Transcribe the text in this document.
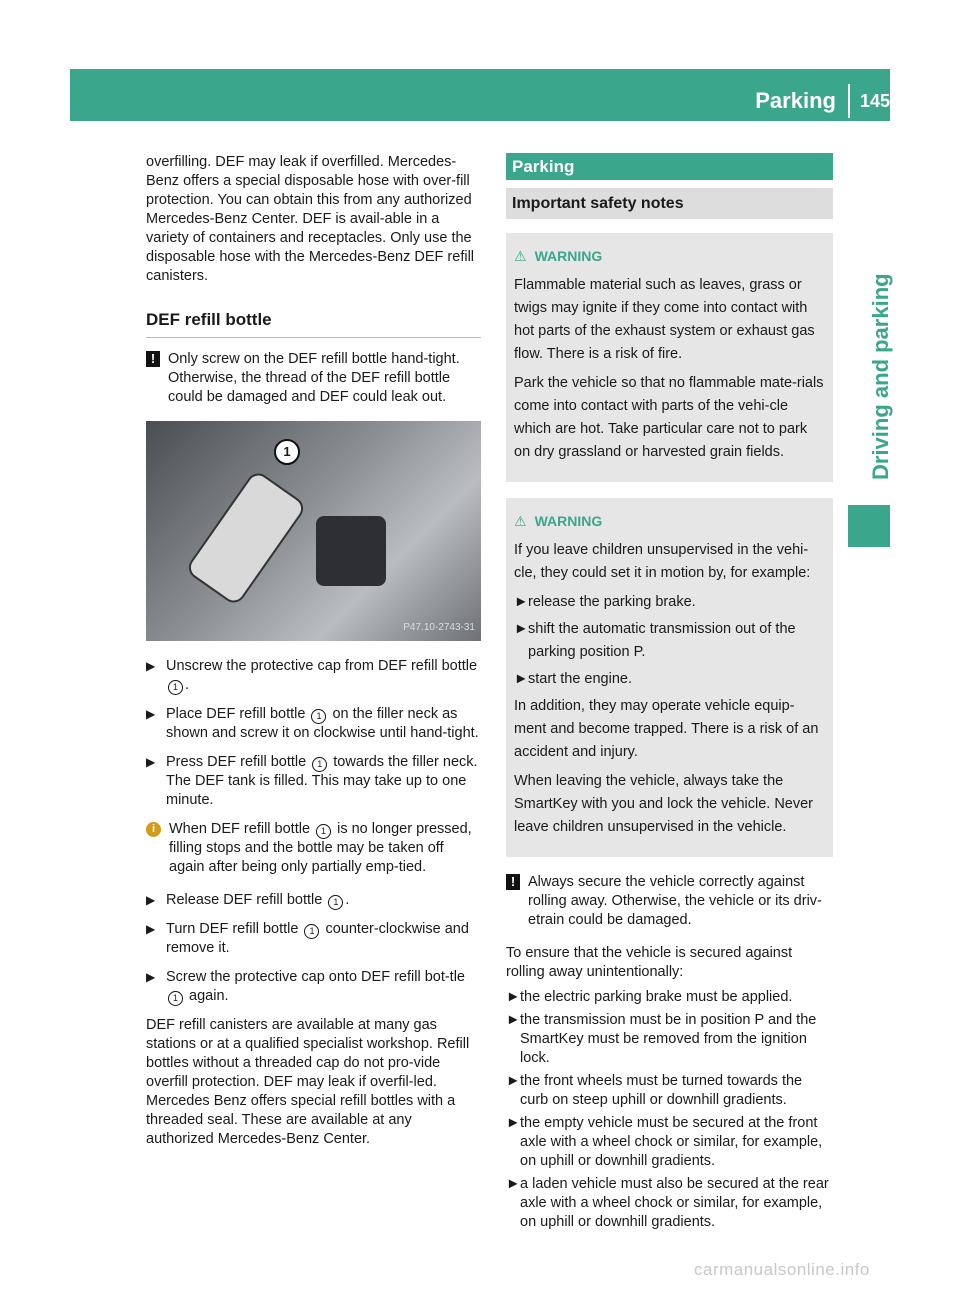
Parking 145
Driving and parking

overfilling. DEF may leak if overfilled. Mercedes-Benz offers a special disposable hose with over-fill protection. You can obtain this from any authorized Mercedes-Benz Center. DEF is avail-able in a variety of containers and receptacles. Only use the disposable hose with the Mercedes-Benz DEF refill canisters.

DEF refill bottle
! Only screw on the DEF refill bottle hand-tight. Otherwise, the thread of the DEF refill bottle could be damaged and DEF could leak out.
1
P47.10-2743-31
▶ Unscrew the protective cap from DEF refill bottle 1 .
▶ Place DEF refill bottle 1 on the filler neck as shown and screw it on clockwise until hand-tight.
▶ Press DEF refill bottle 1 towards the filler neck.
The DEF tank is filled. This may take up to one minute.
i When DEF refill bottle 1 is no longer pressed, filling stops and the bottle may be taken off again after being only partially emp-tied.
▶ Release DEF refill bottle 1 .
▶ Turn DEF refill bottle 1 counter-clockwise and remove it.
▶ Screw the protective cap onto DEF refill bot-tle 1 again.

DEF refill canisters are available at many gas stations or at a qualified specialist workshop. Refill bottles without a threaded cap do not pro-vide overfill protection. DEF may leak if overfil-led. Mercedes Benz offers special refill bottles with a threaded seal. These are available at any authorized Mercedes-Benz Center.

Parking
Important safety notes
⚠ WARNING

Flammable material such as leaves, grass or twigs may ignite if they come into contact with hot parts of the exhaust system or exhaust gas flow. There is a risk of fire.

Park the vehicle so that no flammable mate-rials come into contact with parts of the vehi-cle which are hot. Take particular care not to park on dry grassland or harvested grain fields.

⚠ WARNING

If you leave children unsupervised in the vehi-cle, they could set it in motion by, for example:

► release the parking brake.
► shift the automatic transmission out of the parking position P.
► start the engine.

In addition, they may operate vehicle equip-ment and become trapped. There is a risk of an accident and injury.

When leaving the vehicle, always take the SmartKey with you and lock the vehicle. Never leave children unsupervised in the vehicle.

! Always secure the vehicle correctly against rolling away. Otherwise, the vehicle or its driv-etrain could be damaged.

To ensure that the vehicle is secured against rolling away unintentionally:

► the electric parking brake must be applied.
► the transmission must be in position P and the SmartKey must be removed from the ignition lock.
► the front wheels must be turned towards the curb on steep uphill or downhill gradients.
► the empty vehicle must be secured at the front axle with a wheel chock or similar, for example, on uphill or downhill gradients.
► a laden vehicle must also be secured at the rear axle with a wheel chock or similar, for example, on uphill or downhill gradients.
carmanualsonline.info
